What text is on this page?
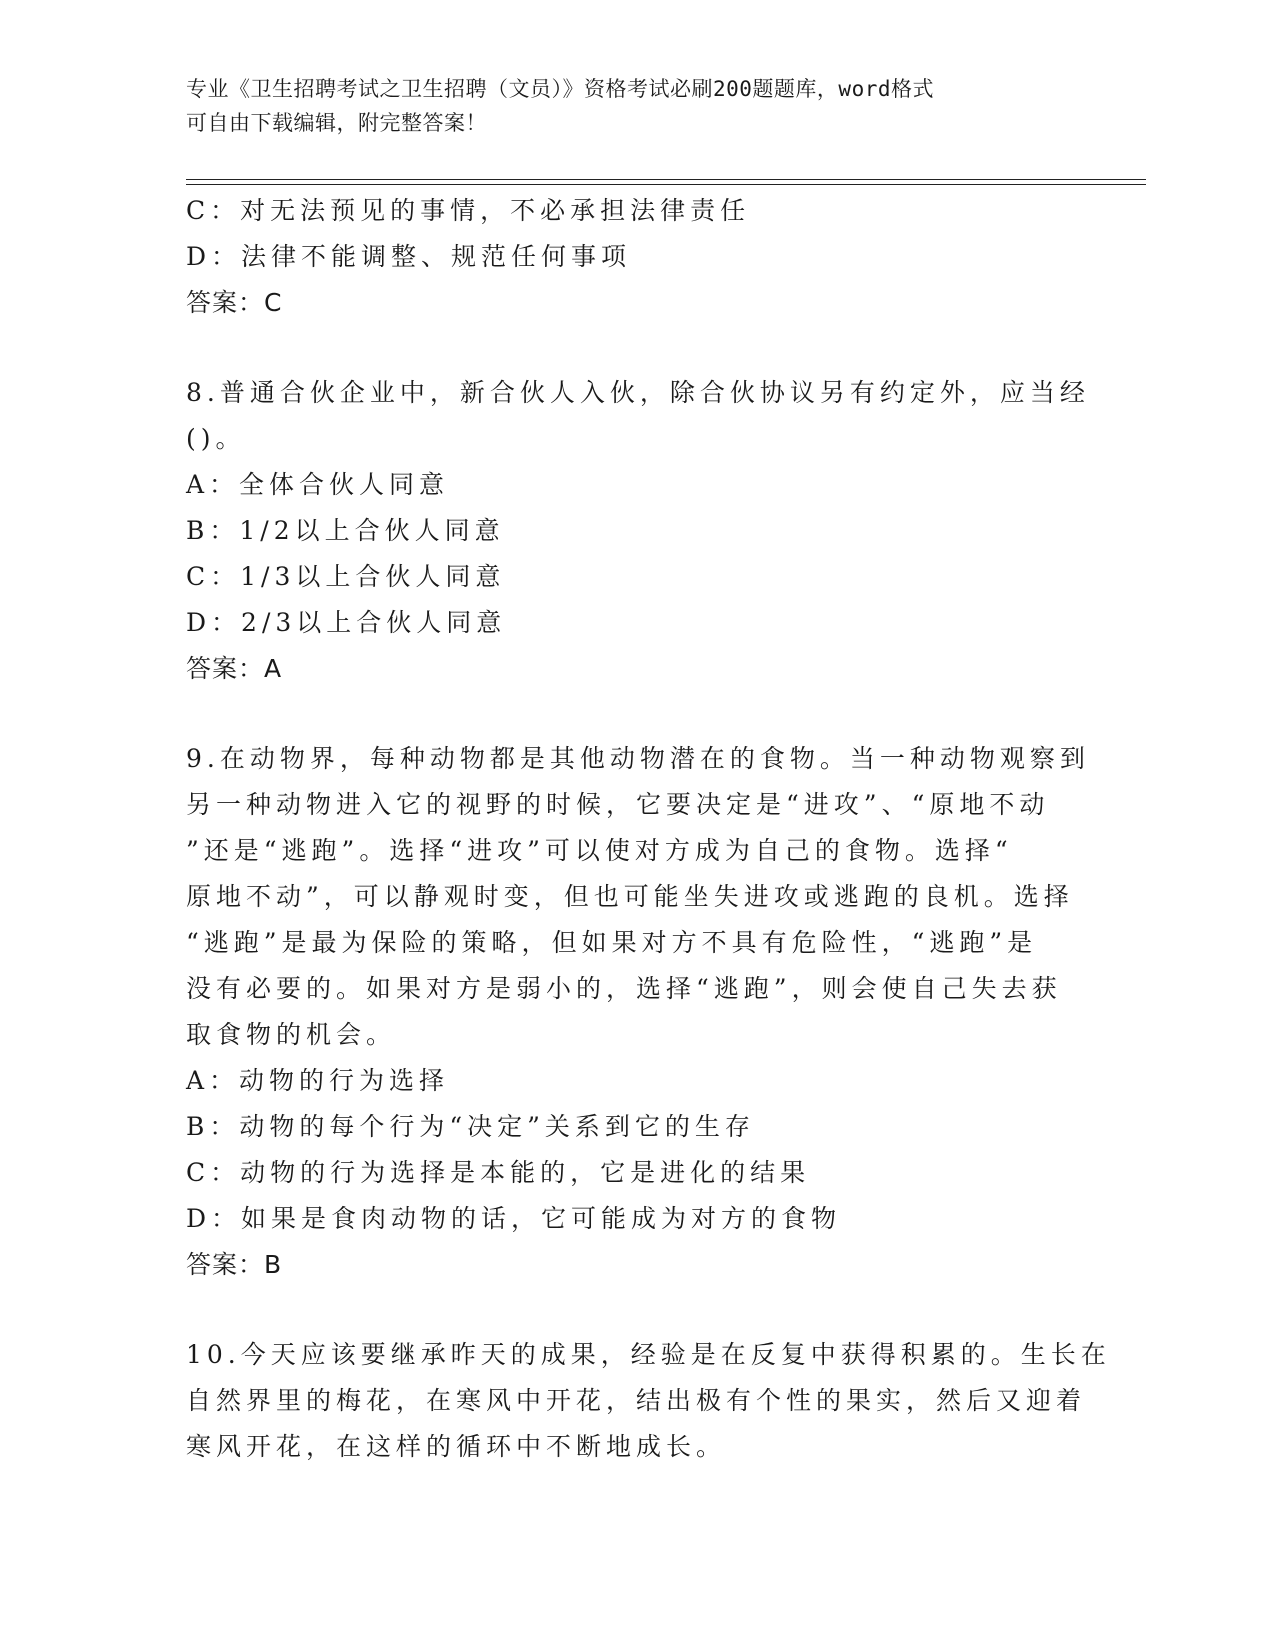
专业《卫生招聘考试之卫生招聘（文员）》资格考试必刷200题题库，word格式
可自由下载编辑，附完整答案！
C：对无法预见的事情，不必承担法律责任
D：法律不能调整、规范任何事项
答案：C
8.普通合伙企业中，新合伙人入伙，除合伙协议另有约定外，应当经
()。
A：全体合伙人同意
B：1/2以上合伙人同意
C：1/3以上合伙人同意
D：2/3以上合伙人同意
答案：A
9.在动物界，每种动物都是其他动物潜在的食物。当一种动物观察到
另一种动物进入它的视野的时候，它要决定是“进攻”、“原地不动
”还是“逃跑”。选择“进攻”可以使对方成为自己的食物。选择“
原地不动”，可以静观时变，但也可能坐失进攻或逃跑的良机。选择
“逃跑”是最为保险的策略，但如果对方不具有危险性，“逃跑”是
没有必要的。如果对方是弱小的，选择“逃跑”，则会使自己失去获
取食物的机会。
A：动物的行为选择
B：动物的每个行为“决定”关系到它的生存
C：动物的行为选择是本能的，它是进化的结果
D：如果是食肉动物的话，它可能成为对方的食物
答案：B
10.今天应该要继承昨天的成果，经验是在反复中获得积累的。生长在
自然界里的梅花，在寒风中开花，结出极有个性的果实，然后又迎着
寒风开花，在这样的循环中不断地成长。
